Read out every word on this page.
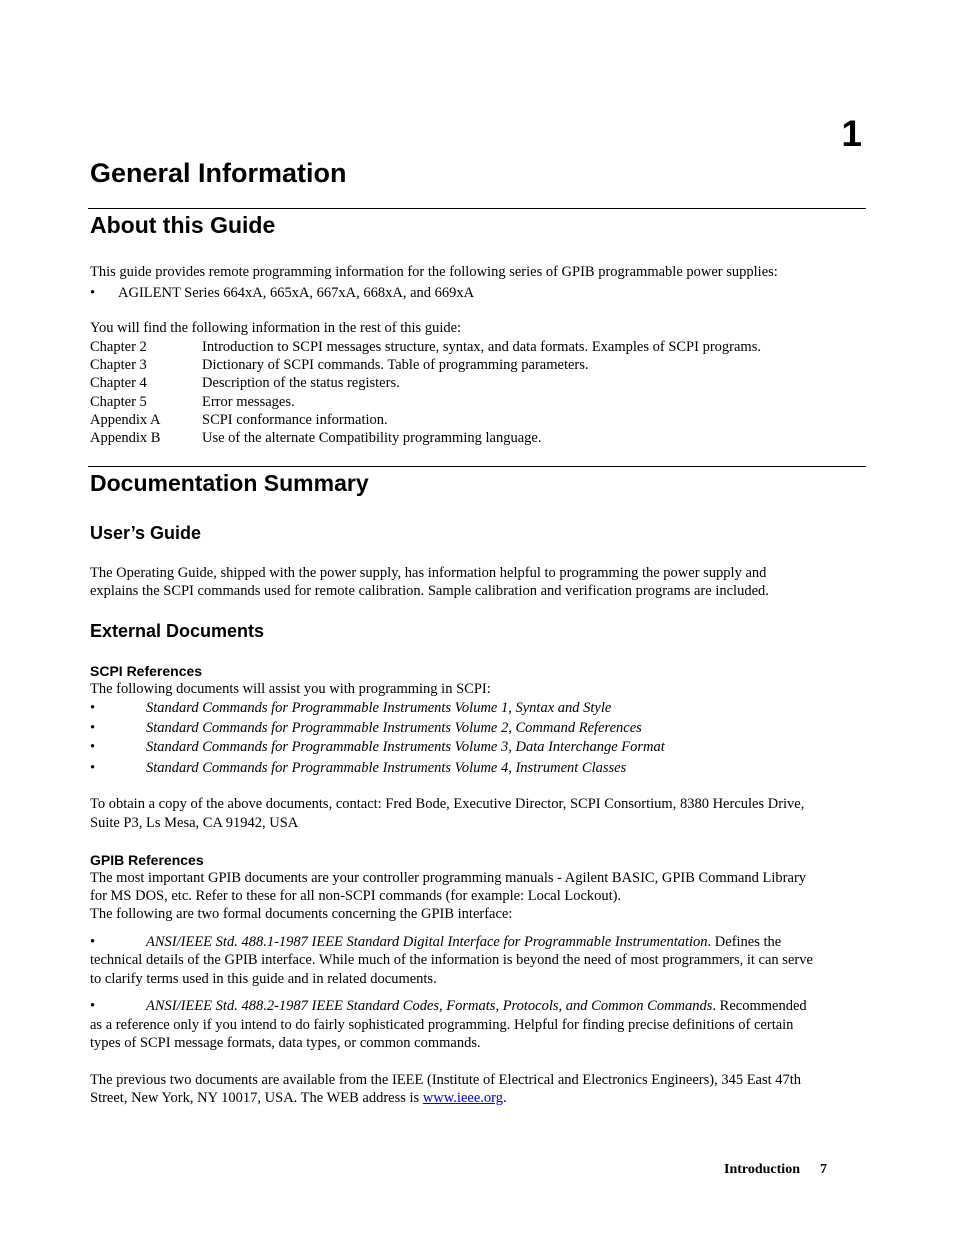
1
General Information
About this Guide
This guide provides remote programming information for the following series of GPIB programmable power supplies:
• AGILENT Series 664xA, 665xA, 667xA, 668xA, and 669xA
You will find the following information in the rest of this guide:
Chapter 2	Introduction to SCPI messages structure, syntax, and data formats. Examples of SCPI programs.
Chapter 3	Dictionary of SCPI commands. Table of programming parameters.
Chapter 4	Description of the status registers.
Chapter 5	Error messages.
Appendix A	SCPI conformance information.
Appendix B	Use of the alternate Compatibility programming language.
Documentation Summary
User’s Guide
The Operating Guide, shipped with the power supply, has information helpful to programming the power supply and
explains the SCPI commands used for remote calibration. Sample calibration and verification programs are included.
External Documents
SCPI References
The following documents will assist you with programming in SCPI:
•	Standard Commands for Programmable Instruments Volume 1, Syntax and Style
•	Standard Commands for Programmable Instruments Volume 2, Command References
•	Standard Commands for Programmable Instruments Volume 3, Data Interchange Format
•	Standard Commands for Programmable Instruments Volume 4, Instrument Classes
To obtain a copy of the above documents, contact: Fred Bode, Executive Director, SCPI Consortium, 8380 Hercules Drive,
Suite P3, Ls Mesa, CA 91942, USA
GPIB References
The most important GPIB documents are your controller programming manuals - Agilent BASIC, GPIB Command Library
for MS DOS, etc. Refer to these for all non-SCPI commands (for example: Local Lockout).
The following are two formal documents concerning the GPIB interface:
•	ANSI/IEEE Std. 488.1-1987 IEEE Standard Digital Interface for Programmable Instrumentation. Defines the
technical details of the GPIB interface. While much of the information is beyond the need of most programmers, it can serve
to clarify terms used in this guide and in related documents.
•	ANSI/IEEE Std. 488.2-1987 IEEE Standard Codes, Formats, Protocols, and Common Commands. Recommended
as a reference only if you intend to do fairly sophisticated programming. Helpful for finding precise definitions of certain
types of SCPI message formats, data types, or common commands.
The previous two documents are available from the IEEE (Institute of Electrical and Electronics Engineers), 345 East 47th
Street, New York, NY 10017, USA. The WEB address is www.ieee.org.
Introduction 7
